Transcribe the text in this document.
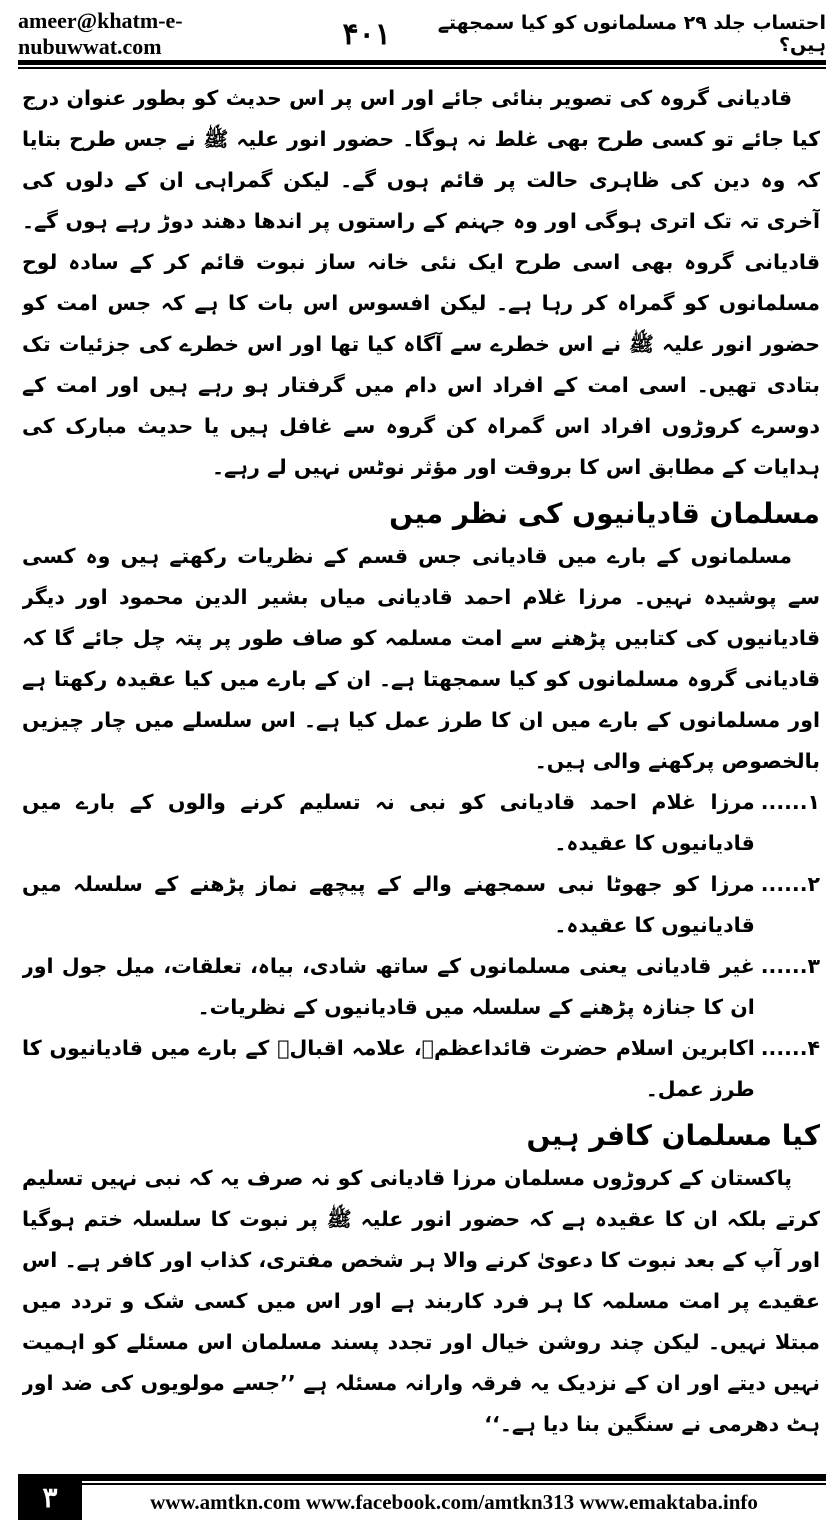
ameer@khatm-e-nubuwwat.com	۴۰۱	احتساب جلد ۲۹ مسلمانوں کو کیا سمجھتے ہیں؟

قادیانی گروہ کی تصویر بنائی جائے اور اس پر اس حدیث کو بطور عنوان درج کیا جائے تو کسی طرح بھی غلط نہ ہوگا۔ حضور انور علیہ ﷺ نے جس طرح بتایا کہ وہ دین کی ظاہری حالت پر قائم ہوں گے۔ لیکن گمراہی ان کے دلوں کی آخری تہ تک اتری ہوگی اور وہ جہنم کے راستوں پر اندھا دھند دوڑ رہے ہوں گے۔ قادیانی گروہ بھی اسی طرح ایک نئی خانہ ساز نبوت قائم کر کے سادہ لوح مسلمانوں کو گمراہ کر رہا ہے۔ لیکن افسوس اس بات کا ہے کہ جس امت کو حضور انور علیہ ﷺ نے اس خطرے سے آگاہ کیا تھا اور اس خطرے کی جزئیات تک بتادی تھیں۔ اسی امت کے افراد اس دام میں گرفتار ہو رہے ہیں اور امت کے دوسرے کروڑوں افراد اس گمراہ کن گروہ سے غافل ہیں یا حدیث مبارک کی ہدایات کے مطابق اس کا بروقت اور مؤثر نوٹس نہیں لے رہے۔

مسلمان قادیانیوں کی نظر میں

مسلمانوں کے بارے میں قادیانی جس قسم کے نظریات رکھتے ہیں وہ کسی سے پوشیدہ نہیں۔ مرزا غلام احمد قادیانی میاں بشیر الدین محمود اور دیگر قادیانیوں کی کتابیں پڑھنے سے امت مسلمہ کو صاف طور پر پتہ چل جائے گا کہ قادیانی گروہ مسلمانوں کو کیا سمجھتا ہے۔ ان کے بارے میں کیا عقیدہ رکھتا ہے اور مسلمانوں کے بارے میں ان کا طرز عمل کیا ہے۔ اس سلسلے میں چار چیزیں بالخصوص پرکھنے والی ہیں۔

۱......
مرزا غلام احمد قادیانی کو نبی نہ تسلیم کرنے والوں کے بارے میں قادیانیوں کا عقیدہ۔
۲......
مرزا کو جھوٹا نبی سمجھنے والے کے پیچھے نماز پڑھنے کے سلسلہ میں قادیانیوں کا عقیدہ۔
۳......
غیر قادیانی یعنی مسلمانوں کے ساتھ شادی، بیاہ، تعلقات، میل جول اور ان کا جنازہ پڑھنے کے سلسلہ میں قادیانیوں کے نظریات۔
۴......
اکابرین اسلام حضرت قائداعظمؒ، علامہ اقبالؒ کے بارے میں قادیانیوں کا طرز عمل۔
کیا مسلمان کافر ہیں

پاکستان کے کروڑوں مسلمان مرزا قادیانی کو نہ صرف یہ کہ نبی نہیں تسلیم کرتے بلکہ ان کا عقیدہ ہے کہ حضور انور علیہ ﷺ پر نبوت کا سلسلہ ختم ہوگیا اور آپ کے بعد نبوت کا دعویٰ کرنے والا ہر شخص مفتری، کذاب اور کافر ہے۔ اس عقیدے پر امت مسلمہ کا ہر فرد کاربند ہے اور اس میں کسی شک و تردد میں مبتلا نہیں۔ لیکن چند روشن خیال اور تجدد پسند مسلمان اس مسئلے کو اہمیت نہیں دیتے اور ان کے نزدیک یہ فرقہ وارانہ مسئلہ ہے ’’جسے مولویوں کی ضد اور ہٹ دھرمی نے سنگین بنا دیا ہے۔‘‘

۳	www.amtkn.com www.facebook.com/amtkn313 www.emaktaba.info
